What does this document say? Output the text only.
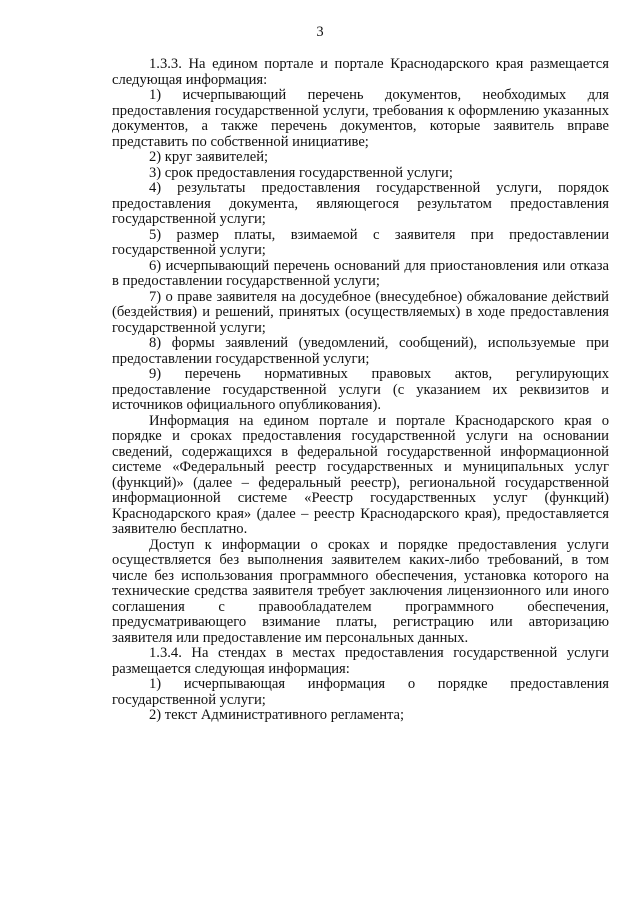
3

1.3.3. На едином портале и портале Краснодарского края размещается следующая информация:

1) исчерпывающий перечень документов, необходимых для предоставления государственной услуги, требования к оформлению указанных документов, а также перечень документов, которые заявитель вправе представить по собственной инициативе;

2) круг заявителей;

3) срок предоставления государственной услуги;

4) результаты предоставления государственной услуги, порядок предоставления документа, являющегося результатом предоставления государственной услуги;

5) размер платы, взимаемой с заявителя при предоставлении государственной услуги;

6) исчерпывающий перечень оснований для приостановления или отказа в предоставлении государственной услуги;

7) о праве заявителя на досудебное (внесудебное) обжалование действий (бездействия) и решений, принятых (осуществляемых) в ходе предоставления государственной услуги;

8) формы заявлений (уведомлений, сообщений), используемые при предоставлении государственной услуги;

9) перечень нормативных правовых актов, регулирующих предоставление государственной услуги (с указанием их реквизитов и источников официального опубликования).

Информация на едином портале и портале Краснодарского края о порядке и сроках предоставления государственной услуги на основании сведений, содержащихся в федеральной государственной информационной системе «Федеральный реестр государственных и муниципальных услуг (функций)» (далее – федеральный реестр), региональной государственной информационной системе «Реестр государственных услуг (функций) Краснодарского края» (далее – реестр Краснодарского края), предоставляется заявителю бесплатно.

Доступ к информации о сроках и порядке предоставления услуги осуществляется без выполнения заявителем каких-либо требований, в том числе без использования программного обеспечения, установка которого на технические средства заявителя требует заключения лицензионного или иного соглашения с правообладателем программного обеспечения, предусматривающего взимание платы, регистрацию или авторизацию заявителя или предоставление им персональных данных.

1.3.4. На стендах в местах предоставления государственной услуги размещается следующая информация:

1) исчерпывающая информация о порядке предоставления государственной услуги;

2) текст Административного регламента;
